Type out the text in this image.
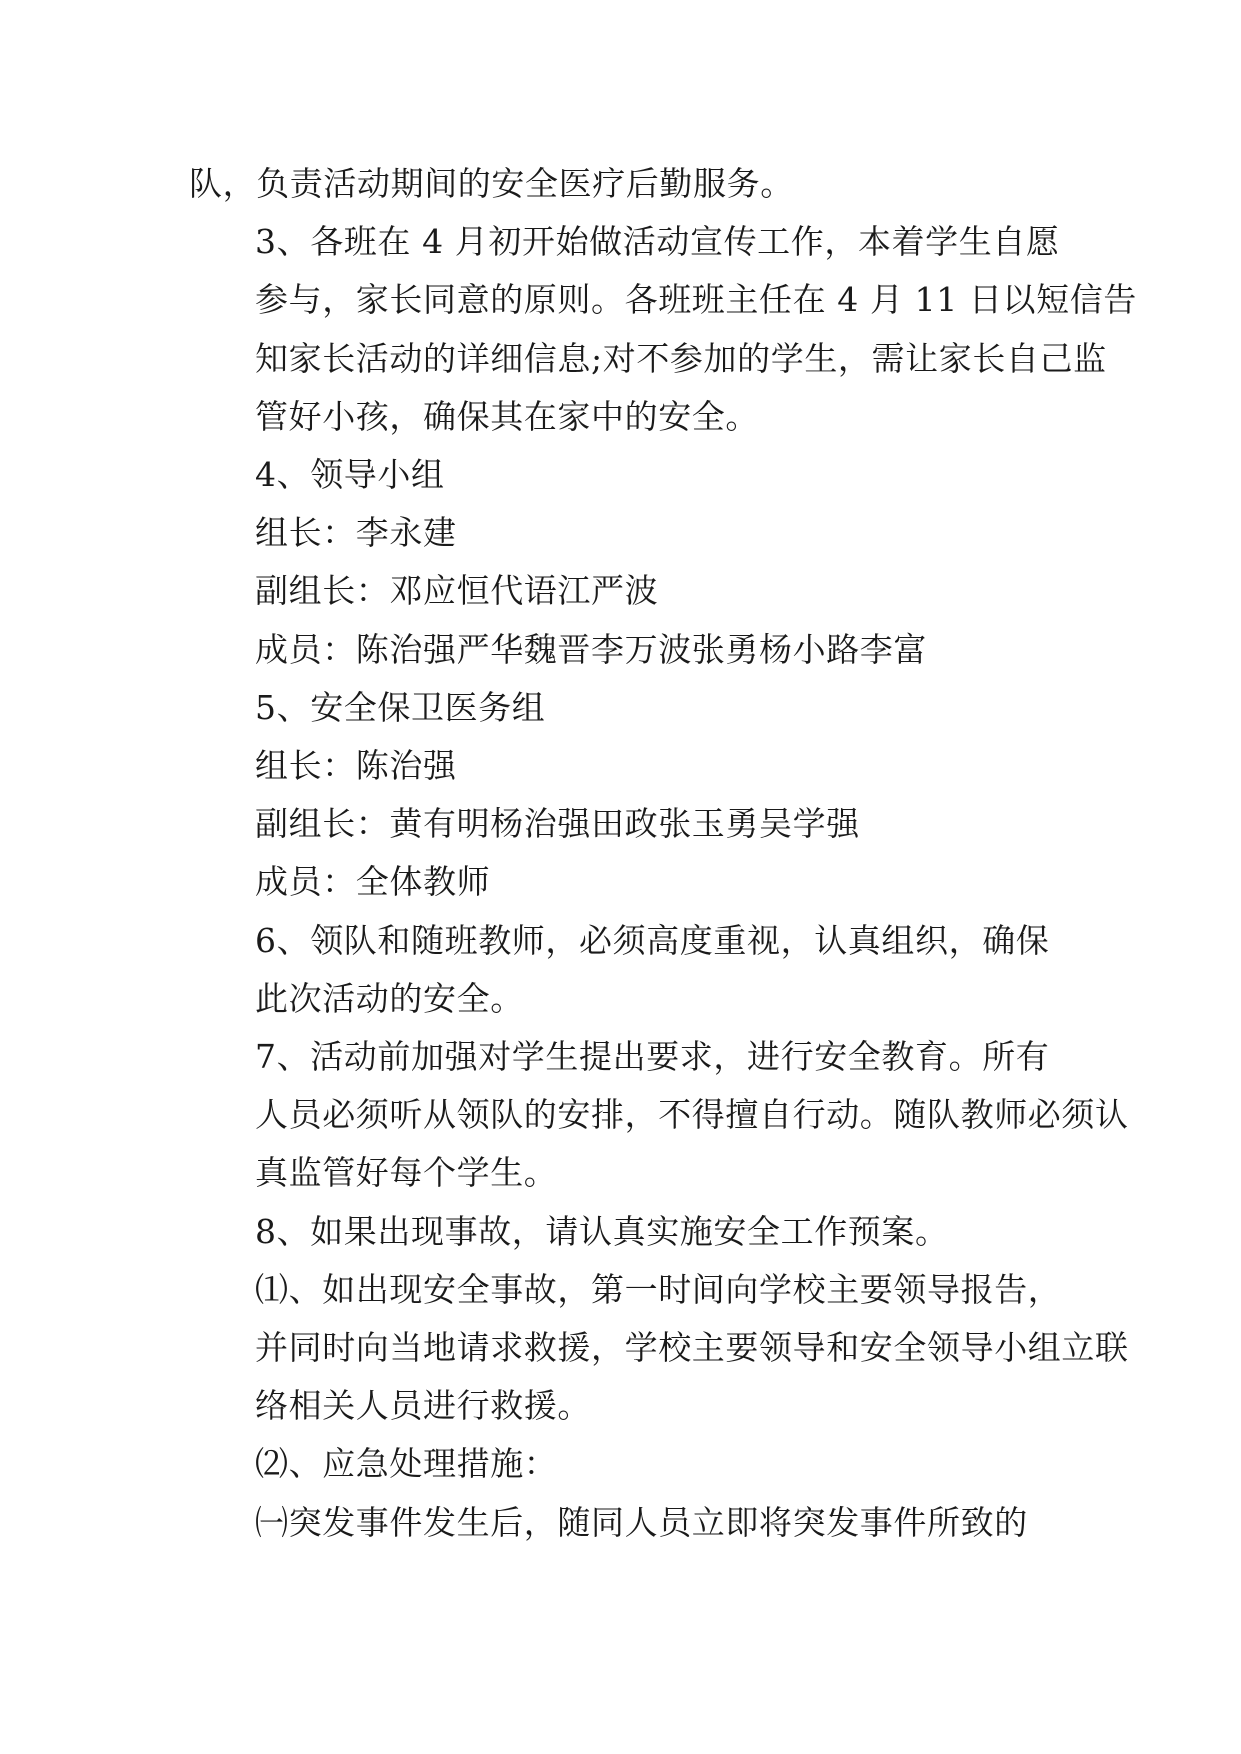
队，负责活动期间的安全医疗后勤服务。
3、各班在 4 月初开始做活动宣传工作，本着学生自愿
参与，家长同意的原则。各班班主任在 4 月 11 日以短信告
知家长活动的详细信息;对不参加的学生，需让家长自己监
管好小孩，确保其在家中的安全。
4、领导小组
组长：李永建
副组长：邓应恒代语江严波
成员：陈治强严华魏晋李万波张勇杨小路李富
5、安全保卫医务组
组长：陈治强
副组长：黄有明杨治强田政张玉勇吴学强
成员：全体教师
6、领队和随班教师，必须高度重视，认真组织，确保
此次活动的安全。
7、活动前加强对学生提出要求，进行安全教育。所有
人员必须听从领队的安排，不得擅自行动。随队教师必须认
真监管好每个学生。
8、如果出现事故，请认真实施安全工作预案。
⑴、如出现安全事故，第一时间向学校主要领导报告，
并同时向当地请求救援，学校主要领导和安全领导小组立联
络相关人员进行救援。
⑵、应急处理措施：
㈠突发事件发生后，随同人员立即将突发事件所致的
